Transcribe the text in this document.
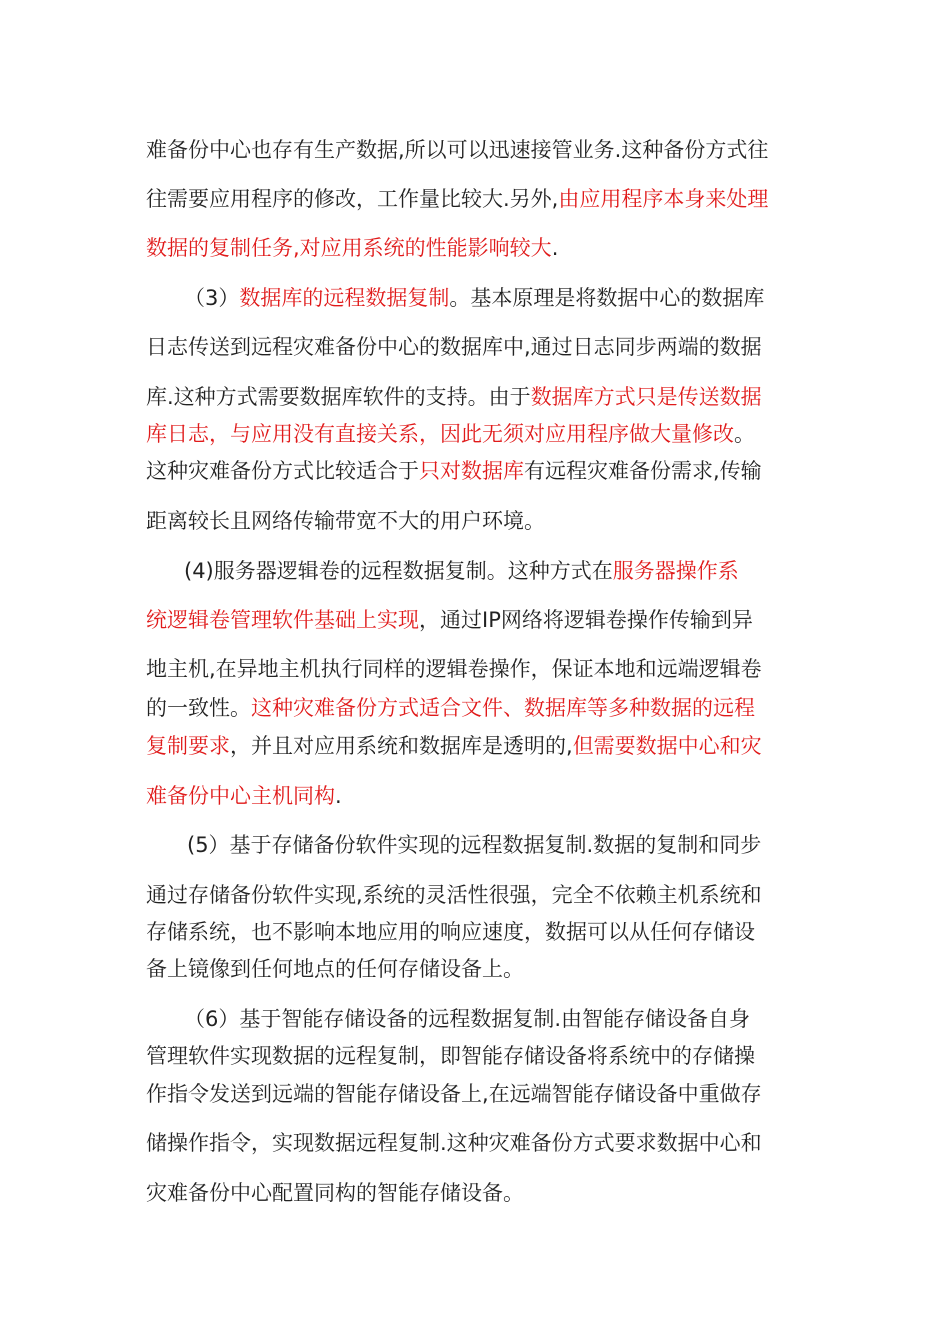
难备份中心也存有生产数据,所以可以迅速接管业务.这种备份方式往

往需要应用程序的修改，工作量比较大.另外,由应用程序本身来处理

数据的复制任务,对应用系统的性能影响较大.

（3）数据库的远程数据复制。基本原理是将数据中心的数据库

日志传送到远程灾难备份中心的数据库中,通过日志同步两端的数据

库.这种方式需要数据库软件的支持。由于数据库方式只是传送数据

库日志，与应用没有直接关系，因此无须对应用程序做大量修改。

这种灾难备份方式比较适合于只对数据库有远程灾难备份需求,传输

距离较长且网络传输带宽不大的用户环境。

(4)服务器逻辑卷的远程数据复制。这种方式在服务器操作系

统逻辑卷管理软件基础上实现，通过IP网络将逻辑卷操作传输到异

地主机,在异地主机执行同样的逻辑卷操作，保证本地和远端逻辑卷

的一致性。这种灾难备份方式适合文件、数据库等多种数据的远程

复制要求，并且对应用系统和数据库是透明的,但需要数据中心和灾

难备份中心主机同构.

(5）基于存储备份软件实现的远程数据复制.数据的复制和同步

通过存储备份软件实现,系统的灵活性很强，完全不依赖主机系统和

存储系统，也不影响本地应用的响应速度，数据可以从任何存储设

备上镜像到任何地点的任何存储设备上。

（6）基于智能存储设备的远程数据复制.由智能存储设备自身

管理软件实现数据的远程复制，即智能存储设备将系统中的存储操

作指令发送到远端的智能存储设备上,在远端智能存储设备中重做存

储操作指令，实现数据远程复制.这种灾难备份方式要求数据中心和

灾难备份中心配置同构的智能存储设备。
